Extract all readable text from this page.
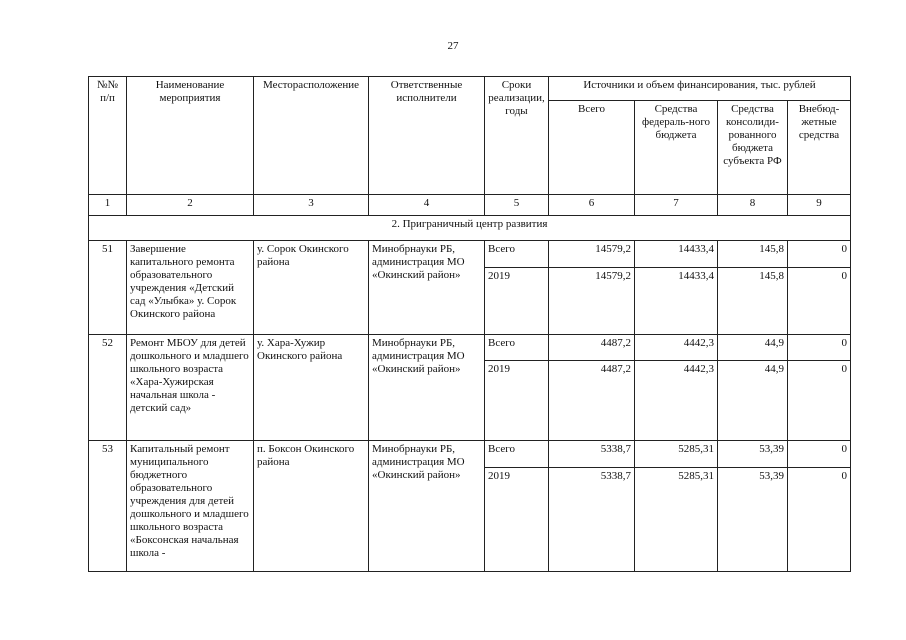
27
№№ п/п	Наименование мероприятия	Месторасположение	Ответственные исполнители	Сроки реализации, годы	Источники и объем финансирования, тыс. рублей			
					Всего	Средства федераль-ного бюджета	Средства консолиди-рованного бюджета субъекта РФ	Внебюд-жетные средства
1	2	3	4	5	6	7	8	9
2. Приграничный центр развития								
51	Завершение капитального ремонта образовательного учреждения «Детский сад «Улыбка» у. Сорок Окинского района	у. Сорок Окинского района	Минобрнауки РБ, администрация МО «Окинский район»	Всего	14579,2	14433,4	145,8	0
				2019	14579,2	14433,4	145,8	0
52	Ремонт МБОУ для детей дошкольного и младшего школьного возраста «Хара-Хужирская начальная школа - детский сад»	у. Хара-Хужир Окинского района	Минобрнауки РБ, администрация МО «Окинский район»	Всего	4487,2	4442,3	44,9	0
				2019	4487,2	4442,3	44,9	0
53	Капитальный ремонт муниципального бюджетного образовательного учреждения для детей дошкольного и младшего школьного возраста «Боксонская начальная школа -	п. Боксон Окинского района	Минобрнауки РБ, администрация МО «Окинский район»	Всего	5338,7	5285,31	53,39	0
				2019	5338,7	5285,31	53,39	0
